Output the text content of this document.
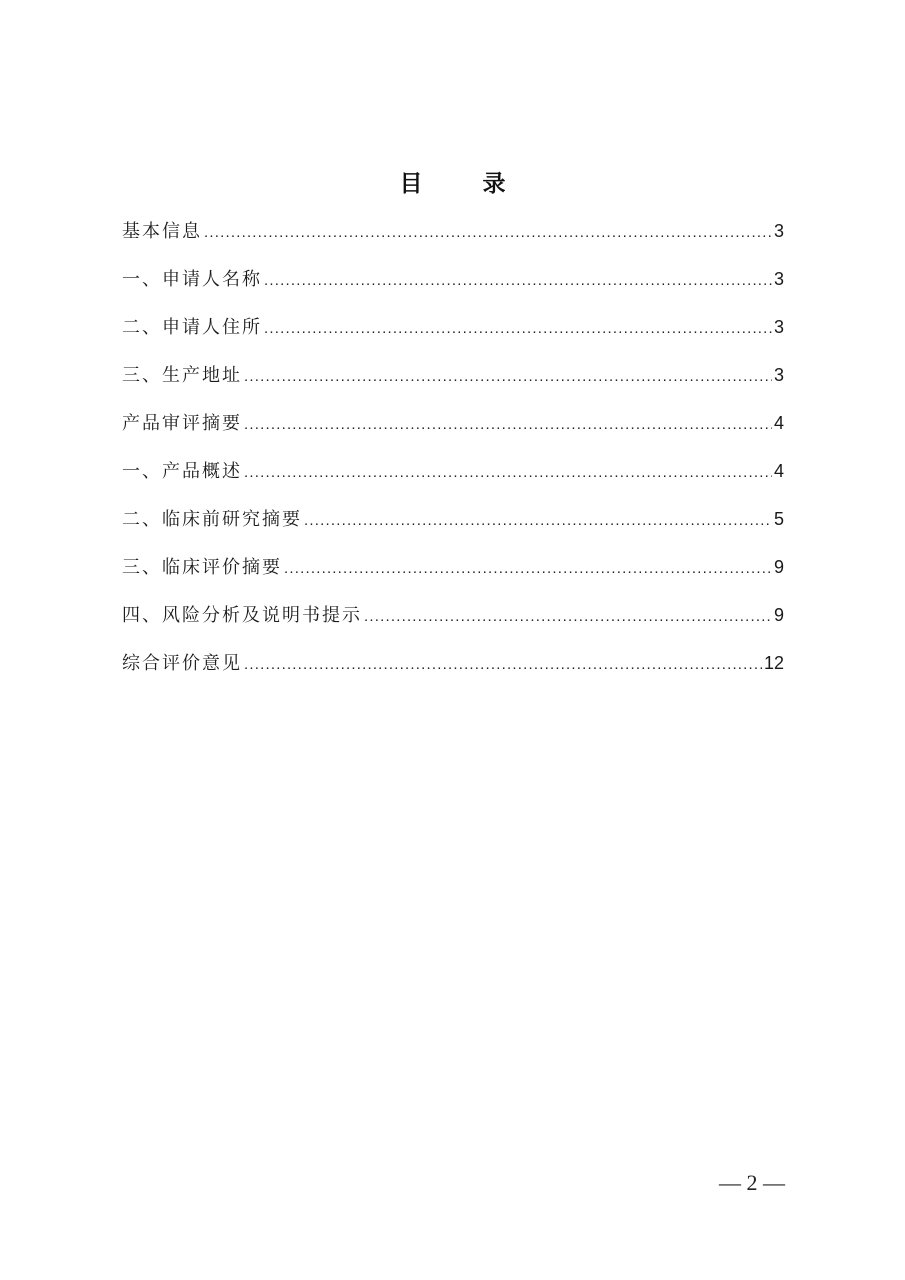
目 录
基本信息 .....	3
一、申请人名称 .....	3
二、申请人住所 .....	3
三、生产地址 .....	3
产品审评摘要 .....	4
一、产品概述 .....	4
二、临床前研究摘要 .....	5
三、临床评价摘要 .....	9
四、风险分析及说明书提示 .....	9
综合评价意见 .....	12
— 2 —
